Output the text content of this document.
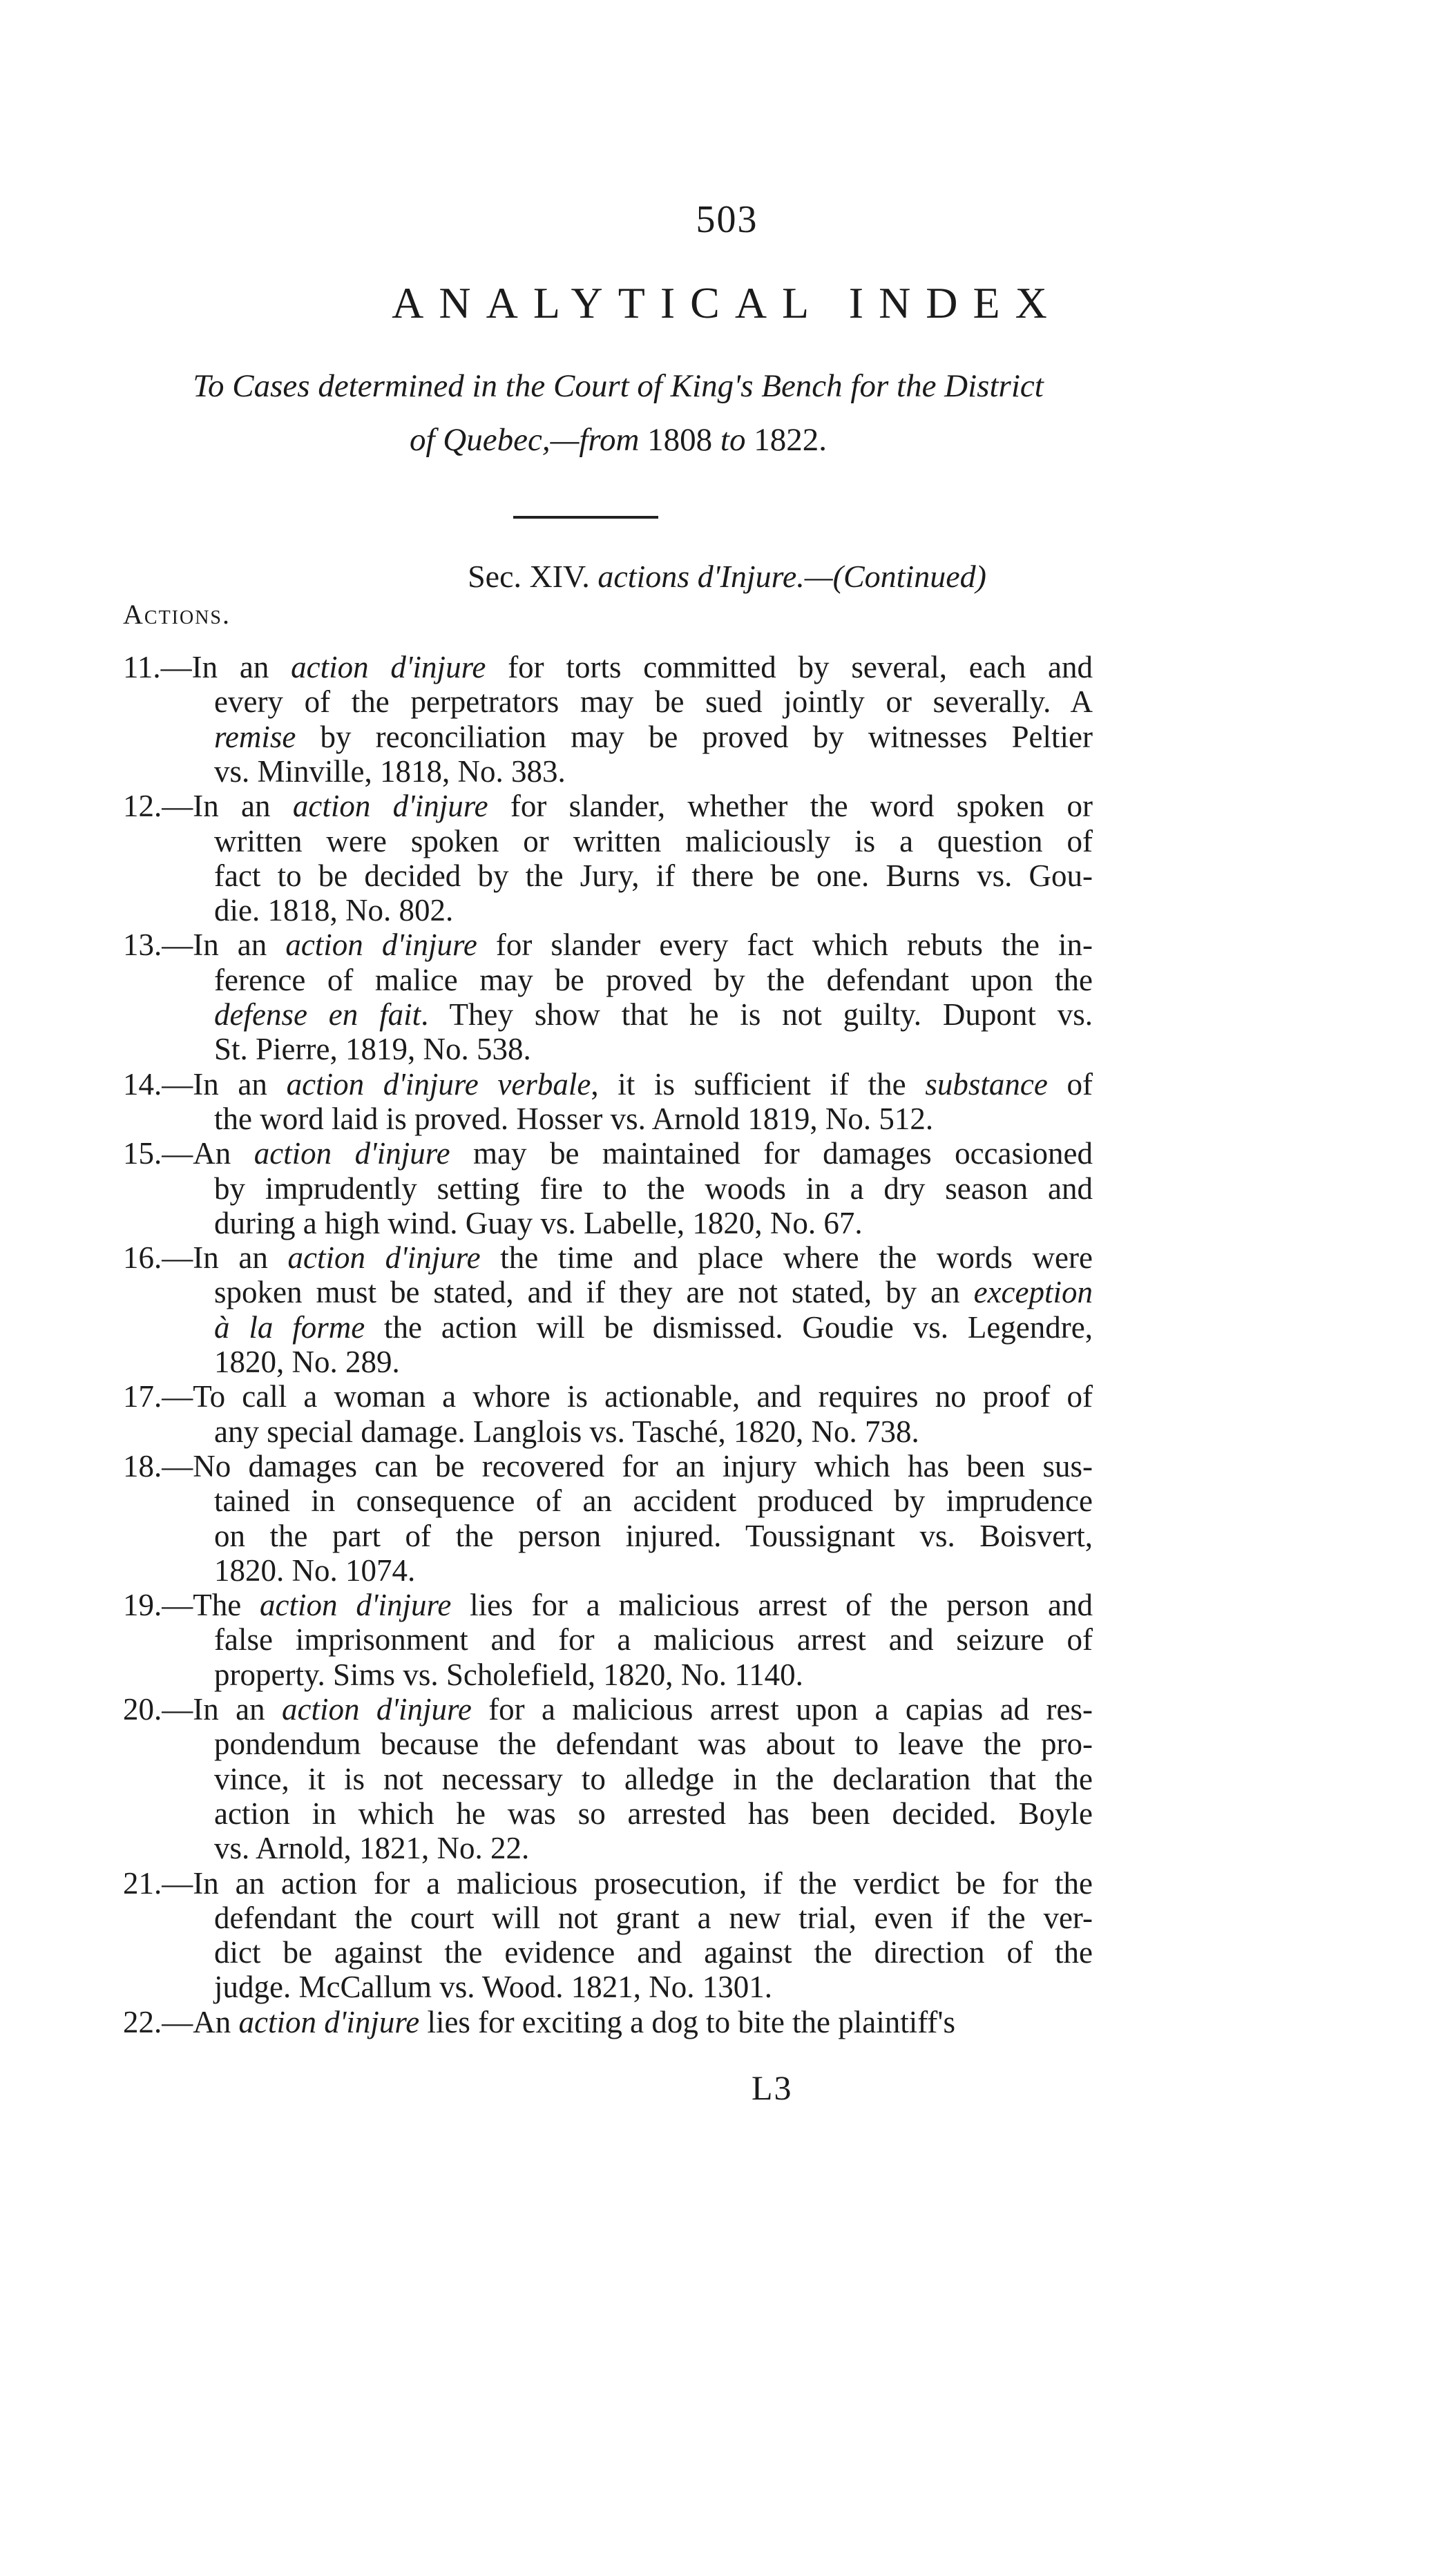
503
ANALYTICAL INDEX
To Cases determined in the Court of King's Bench for the District
of Quebec,—from 1808 to 1822.
Sec. XIV. actions d'Injure.—(Continued)
Actions.
11.—In an action d'injure for torts committed by several, each and
every of the perpetrators may be sued jointly or severally. A
remise by reconciliation may be proved by witnesses Peltier
vs. Minville, 1818, No. 383.
12.—In an action d'injure for slander, whether the word spoken or
written were spoken or written maliciously is a question of
fact to be decided by the Jury, if there be one. Burns vs. Gou-
die. 1818, No. 802.
13.—In an action d'injure for slander every fact which rebuts the in-
ference of malice may be proved by the defendant upon the
defense en fait. They show that he is not guilty. Dupont vs.
St. Pierre, 1819, No. 538.
14.—In an action d'injure verbale, it is sufficient if the substance of
the word laid is proved. Hosser vs. Arnold 1819, No. 512.
15.—An action d'injure may be maintained for damages occasioned
by imprudently setting fire to the woods in a dry season and
during a high wind. Guay vs. Labelle, 1820, No. 67.
16.—In an action d'injure the time and place where the words were
spoken must be stated, and if they are not stated, by an exception
à la forme the action will be dismissed. Goudie vs. Legendre,
1820, No. 289.
17.—To call a woman a whore is actionable, and requires no proof of
any special damage. Langlois vs. Tasché, 1820, No. 738.
18.—No damages can be recovered for an injury which has been sus-
tained in consequence of an accident produced by imprudence
on the part of the person injured. Toussignant vs. Boisvert,
1820. No. 1074.
19.—The action d'injure lies for a malicious arrest of the person and
false imprisonment and for a malicious arrest and seizure of
property. Sims vs. Scholefield, 1820, No. 1140.
20.—In an action d'injure for a malicious arrest upon a capias ad res-
pondendum because the defendant was about to leave the pro-
vince, it is not necessary to alledge in the declaration that the
action in which he was so arrested has been decided. Boyle
vs. Arnold, 1821, No. 22.
21.—In an action for a malicious prosecution, if the verdict be for the
defendant the court will not grant a new trial, even if the ver-
dict be against the evidence and against the direction of the
judge. McCallum vs. Wood. 1821, No. 1301.
22.—An action d'injure lies for exciting a dog to bite the plaintiff's
L3
